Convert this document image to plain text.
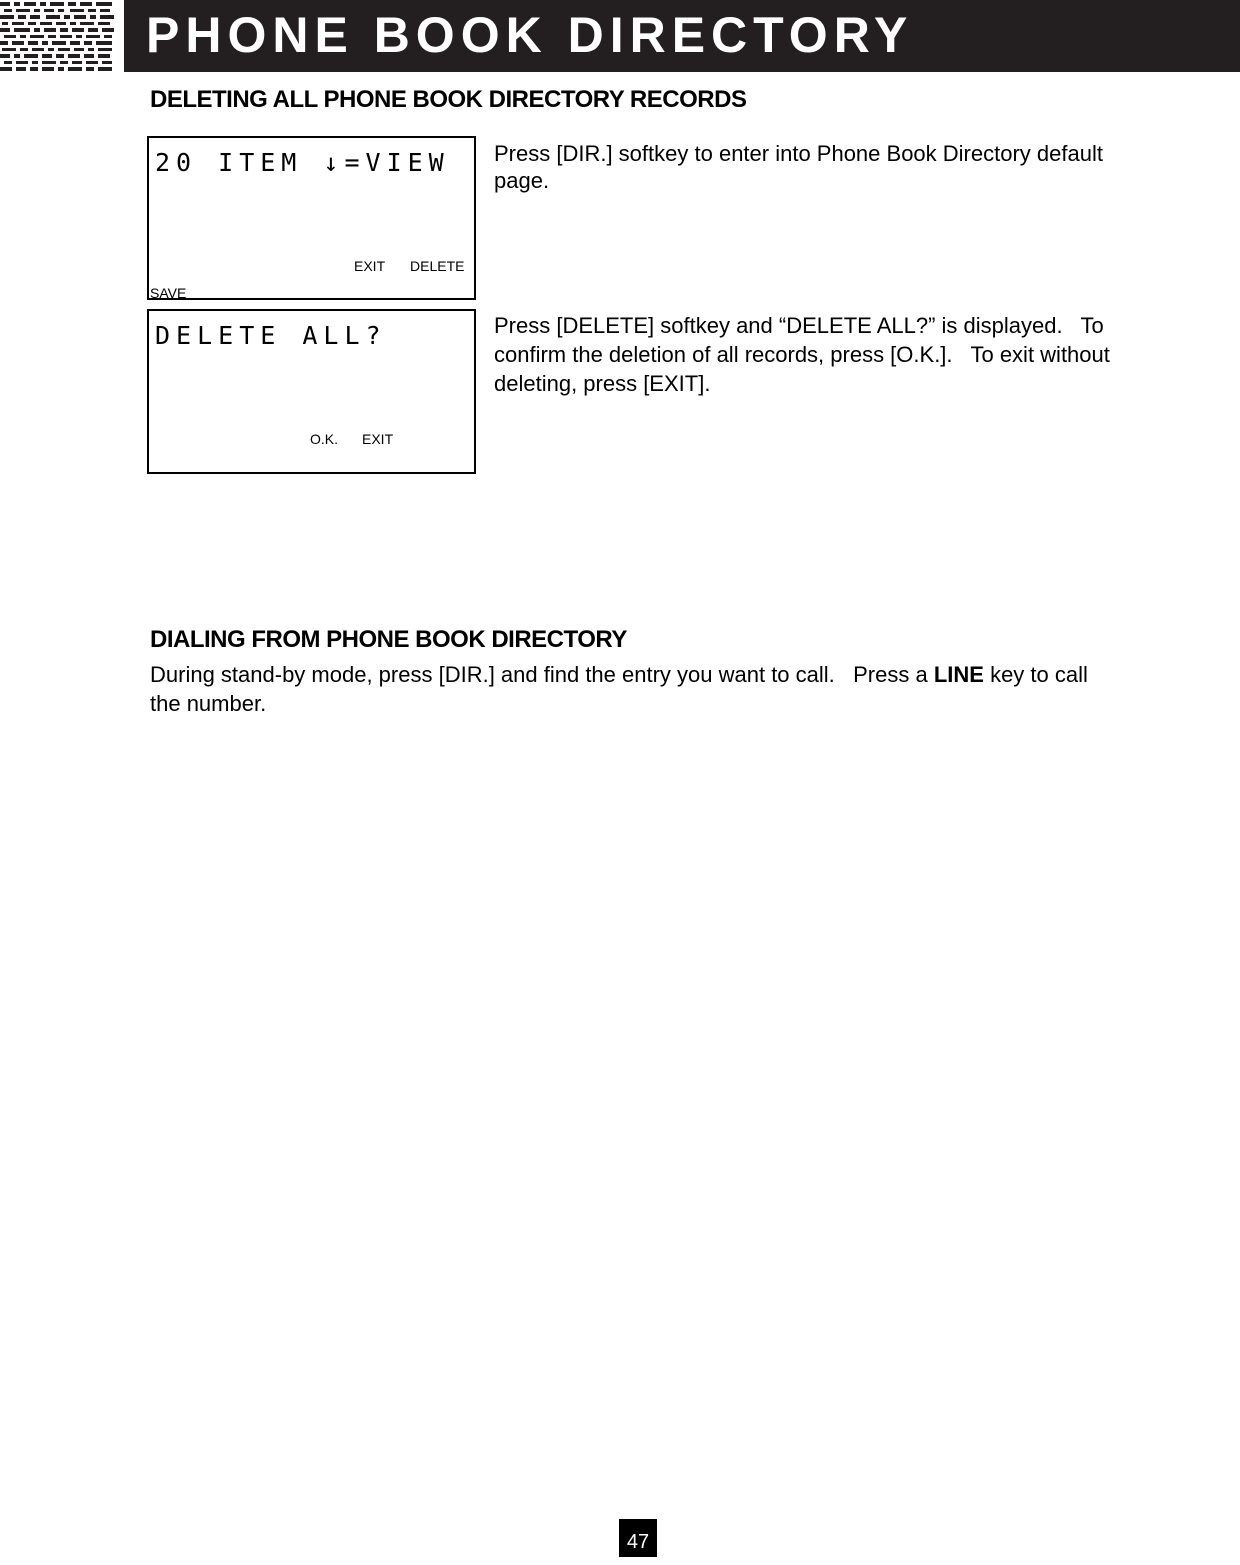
PHONE BOOK DIRECTORY
DELETING ALL PHONE BOOK DIRECTORY RECORDS
20 ITEM ↓=VIEW
EXIT DELETE
SAVE
Press [DIR.] softkey to enter into Phone Book Directory default page.
DELETE ALL?
O.K. EXIT
Press [DELETE] softkey and “DELETE ALL?” is displayed.   To confirm the deletion of all records, press [O.K.].   To exit without deleting, press [EXIT].
DIALING FROM PHONE BOOK DIRECTORY
During stand-by mode, press [DIR.] and find the entry you want to call.   Press a LINE key to call the number.
47
